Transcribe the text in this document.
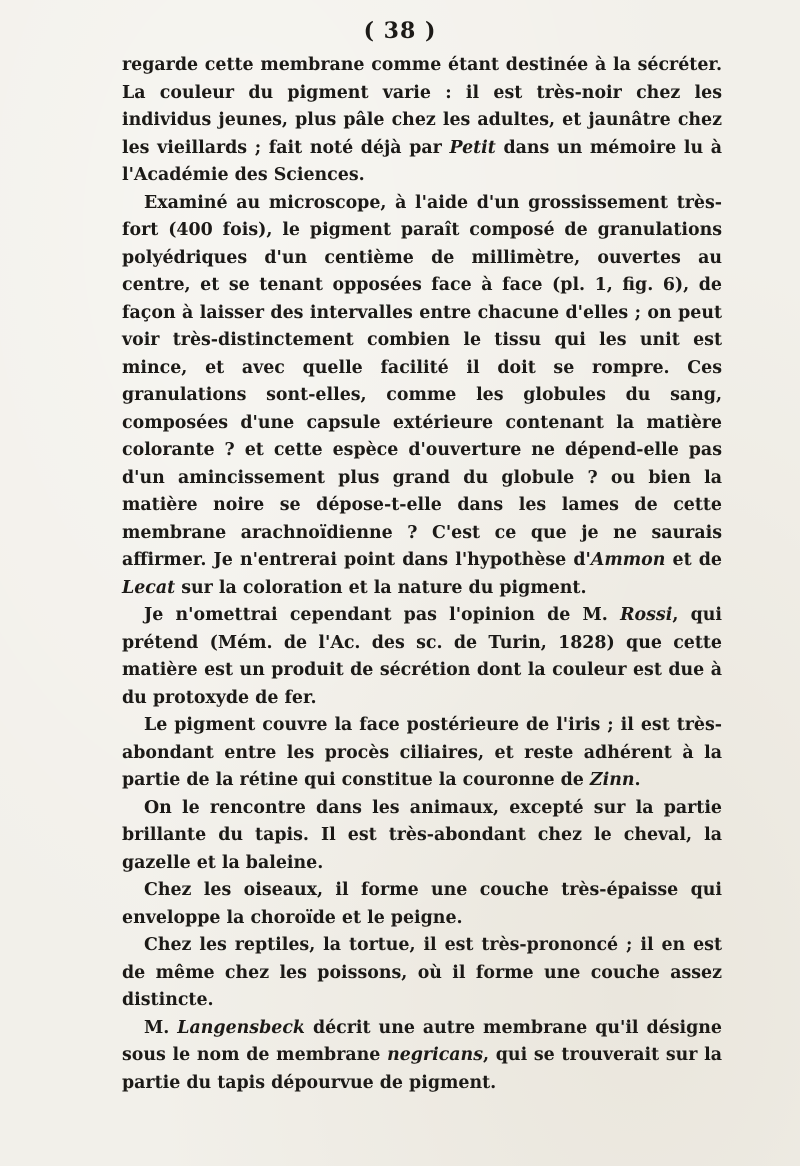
( 38 )

regarde cette membrane comme étant destinée à la sécréter. La couleur du pigment varie : il est très-noir chez les individus jeunes, plus pâle chez les adultes, et jaunâtre chez les vieillards ; fait noté déjà par Petit dans un mémoire lu à l'Académie des Sciences.

Examiné au microscope, à l'aide d'un grossissement très-fort (400 fois), le pigment paraît composé de granulations polyédriques d'un centième de millimètre, ouvertes au centre, et se tenant opposées face à face (pl. 1, fig. 6), de façon à laisser des intervalles entre chacune d'elles ; on peut voir très-distinctement combien le tissu qui les unit est mince, et avec quelle facilité il doit se rompre. Ces granulations sont-elles, comme les globules du sang, composées d'une capsule extérieure contenant la matière colorante ? et cette espèce d'ouverture ne dépend-elle pas d'un amincissement plus grand du globule ? ou bien la matière noire se dépose-t-elle dans les lames de cette membrane arachnoïdienne ? C'est ce que je ne saurais affirmer. Je n'entrerai point dans l'hypothèse d'Ammon et de Lecat sur la coloration et la nature du pigment.

Je n'omettrai cependant pas l'opinion de M. Rossi, qui prétend (Mém. de l'Ac. des sc. de Turin, 1828) que cette matière est un produit de sécrétion dont la couleur est due à du protoxyde de fer.

Le pigment couvre la face postérieure de l'iris ; il est très-abondant entre les procès ciliaires, et reste adhérent à la partie de la rétine qui constitue la couronne de Zinn.

On le rencontre dans les animaux, excepté sur la partie brillante du tapis. Il est très-abondant chez le cheval, la gazelle et la baleine.

Chez les oiseaux, il forme une couche très-épaisse qui enveloppe la choroïde et le peigne.

Chez les reptiles, la tortue, il est très-prononcé ; il en est de même chez les poissons, où il forme une couche assez distincte.

M. Langensbeck décrit une autre membrane qu'il désigne sous le nom de membrane negricans, qui se trouverait sur la partie du tapis dépourvue de pigment.
